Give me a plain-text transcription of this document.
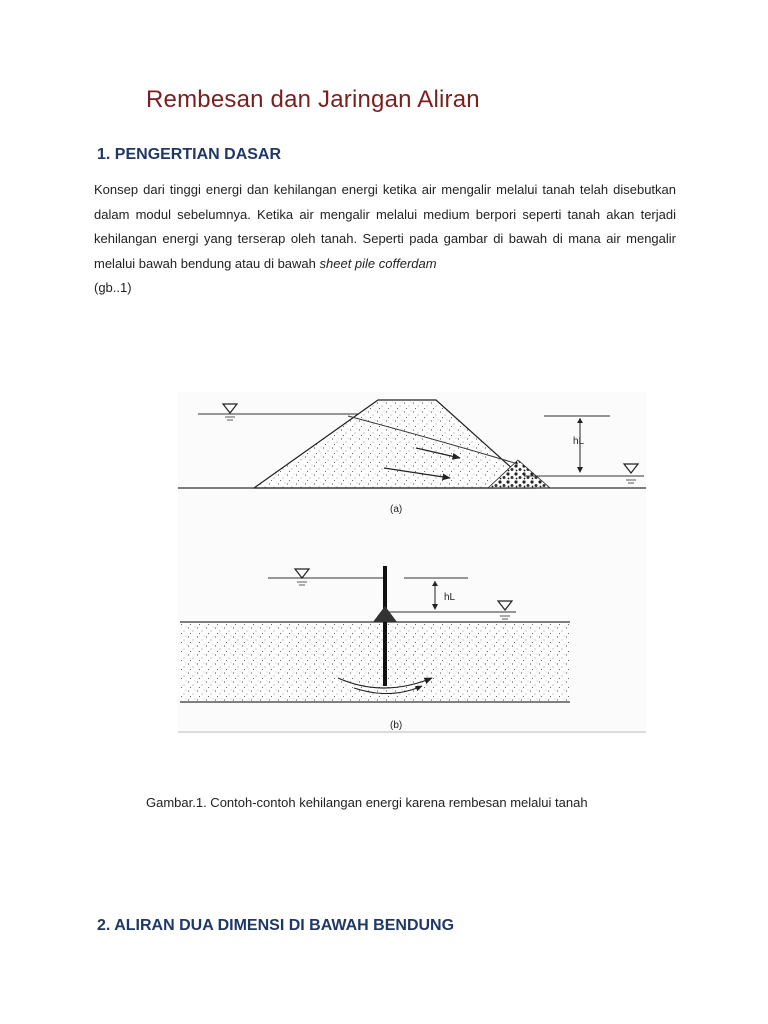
Rembesan dan Jaringan Aliran
1. PENGERTIAN DASAR
Konsep dari tinggi energi dan kehilangan energi ketika air mengalir melalui tanah telah disebutkan dalam modul sebelumnya. Ketika air mengalir melalui medium berpori seperti tanah akan terjadi kehilangan energi yang terserap oleh tanah. Seperti pada gambar di bawah di mana air mengalir melalui bawah bendung atau di bawah sheet pile cofferdam
(gb..1)
hL
(a)
hL
(b)
Gambar.1. Contoh-contoh kehilangan energi karena rembesan melalui tanah
2. ALIRAN DUA DIMENSI DI BAWAH BENDUNG
